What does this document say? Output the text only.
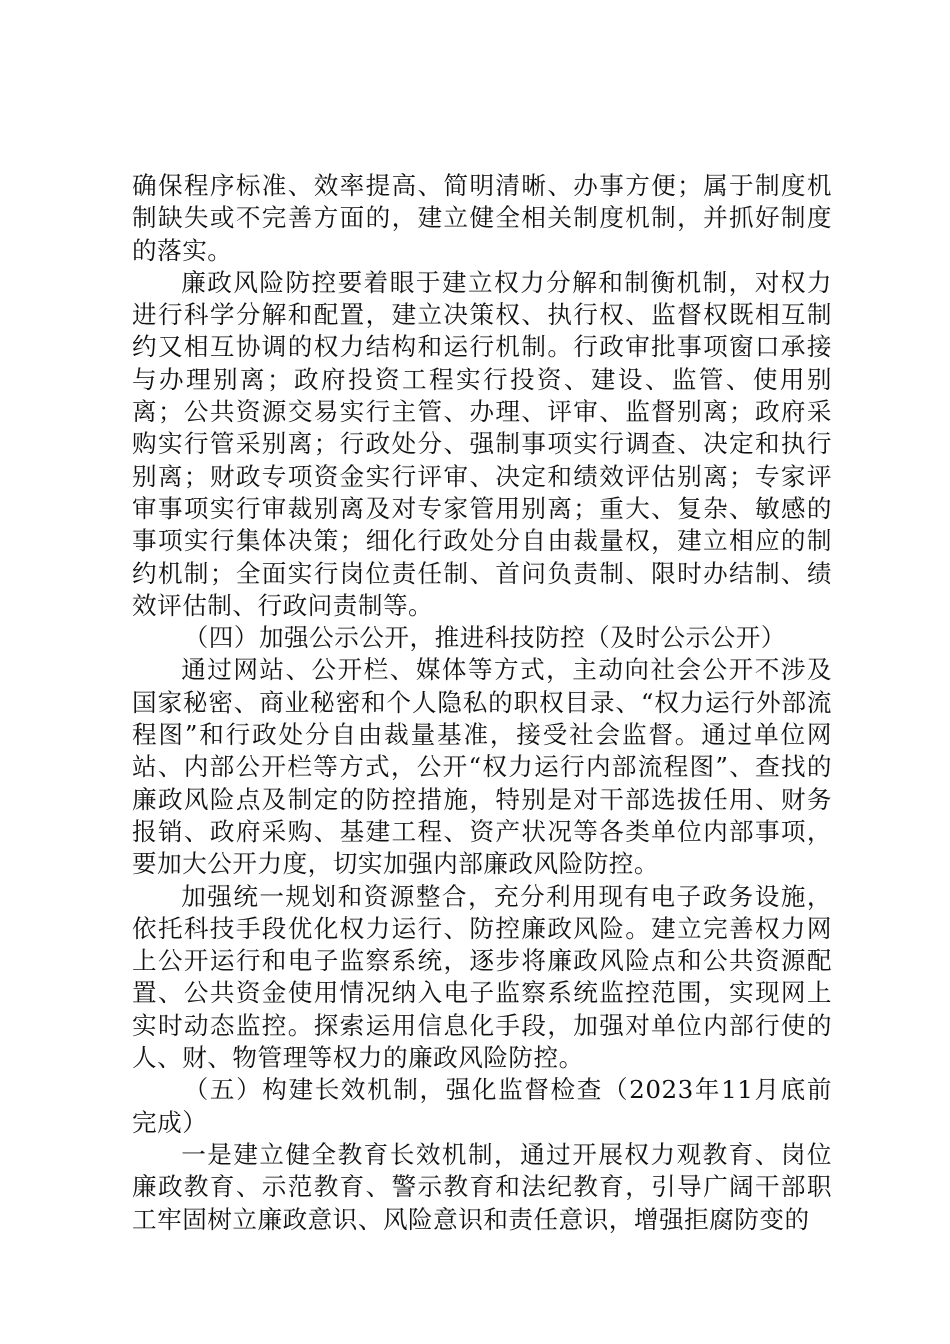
确保程序标准、效率提高、简明清晰、办事方便；属于制度机制缺失或不完善方面的，建立健全相关制度机制，并抓好制度的落实。

廉政风险防控要着眼于建立权力分解和制衡机制，对权力进行科学分解和配置，建立决策权、执行权、监督权既相互制约又相互协调的权力结构和运行机制。行政审批事项窗口承接与办理别离；政府投资工程实行投资、建设、监管、使用别离；公共资源交易实行主管、办理、评审、监督别离；政府采购实行管采别离；行政处分、强制事项实行调查、决定和执行别离；财政专项资金实行评审、决定和绩效评估别离；专家评审事项实行审裁别离及对专家管用别离；重大、复杂、敏感的事项实行集体决策；细化行政处分自由裁量权，建立相应的制约机制；全面实行岗位责任制、首问负责制、限时办结制、绩效评估制、行政问责制等。

（四）加强公示公开，推进科技防控（及时公示公开）

通过网站、公开栏、媒体等方式，主动向社会公开不涉及国家秘密、商业秘密和个人隐私的职权目录、“权力运行外部流程图”和行政处分自由裁量基准，接受社会监督。通过单位网站、内部公开栏等方式，公开“权力运行内部流程图”、查找的廉政风险点及制定的防控措施，特别是对干部选拔任用、财务报销、政府采购、基建工程、资产状况等各类单位内部事项，要加大公开力度，切实加强内部廉政风险防控。

加强统一规划和资源整合，充分利用现有电子政务设施，依托科技手段优化权力运行、防控廉政风险。建立完善权力网上公开运行和电子监察系统，逐步将廉政风险点和公共资源配置、公共资金使用情况纳入电子监察系统监控范围，实现网上实时动态监控。探索运用信息化手段，加强对单位内部行使的人、财、物管理等权力的廉政风险防控。

（五）构建长效机制，强化监督检查（2023年11月底前完成）

一是建立健全教育长效机制，通过开展权力观教育、岗位廉政教育、示范教育、警示教育和法纪教育，引导广阔干部职工牢固树立廉政意识、风险意识和责任意识，增强拒腐防变的
